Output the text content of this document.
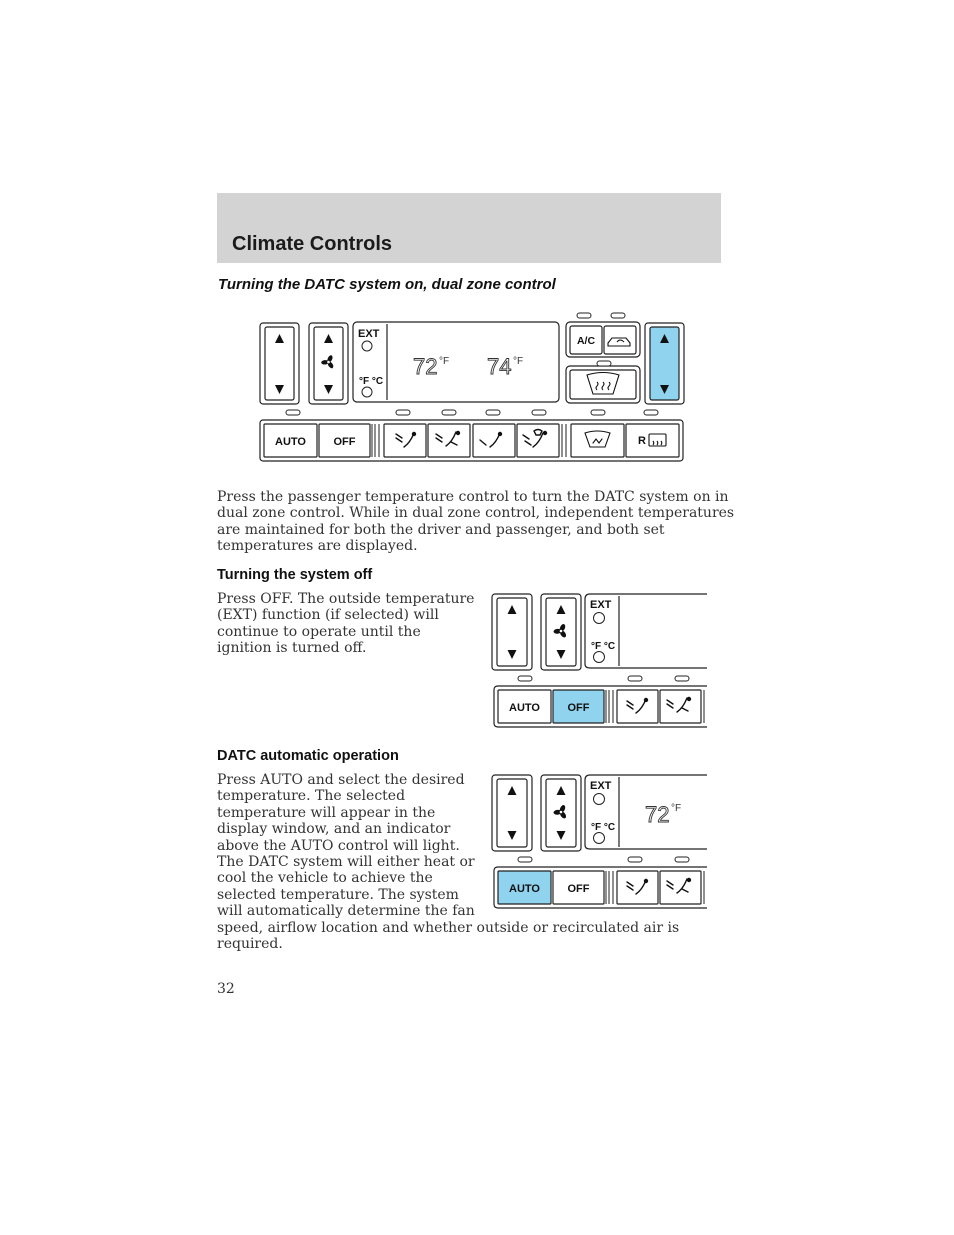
Climate Controls
Turning the DATC system on, dual zone control
EXT
°F °C
72 °F 74 °F
A/C
AUTO	OFF	R

Press the passenger temperature control to turn the DATC system on in
dual zone control. While in dual zone control, independent temperatures
are maintained for both the driver and passenger, and both set
temperatures are displayed.

Turning the system off

Press OFF. The outside temperature
(EXT) function (if selected) will
continue to operate until the
ignition is turned off.

EXT
°F °C
AUTO	OFF
DATC automatic operation

Press AUTO and select the desired
temperature. The selected
temperature will appear in the
display window, and an indicator
above the AUTO control will light.
The DATC system will either heat or
cool the vehicle to achieve the
selected temperature. The system
will automatically determine the fan
speed, airflow location and whether outside or recirculated air is
required.

EXT
°F °C
72 °F
AUTO	OFF
32
